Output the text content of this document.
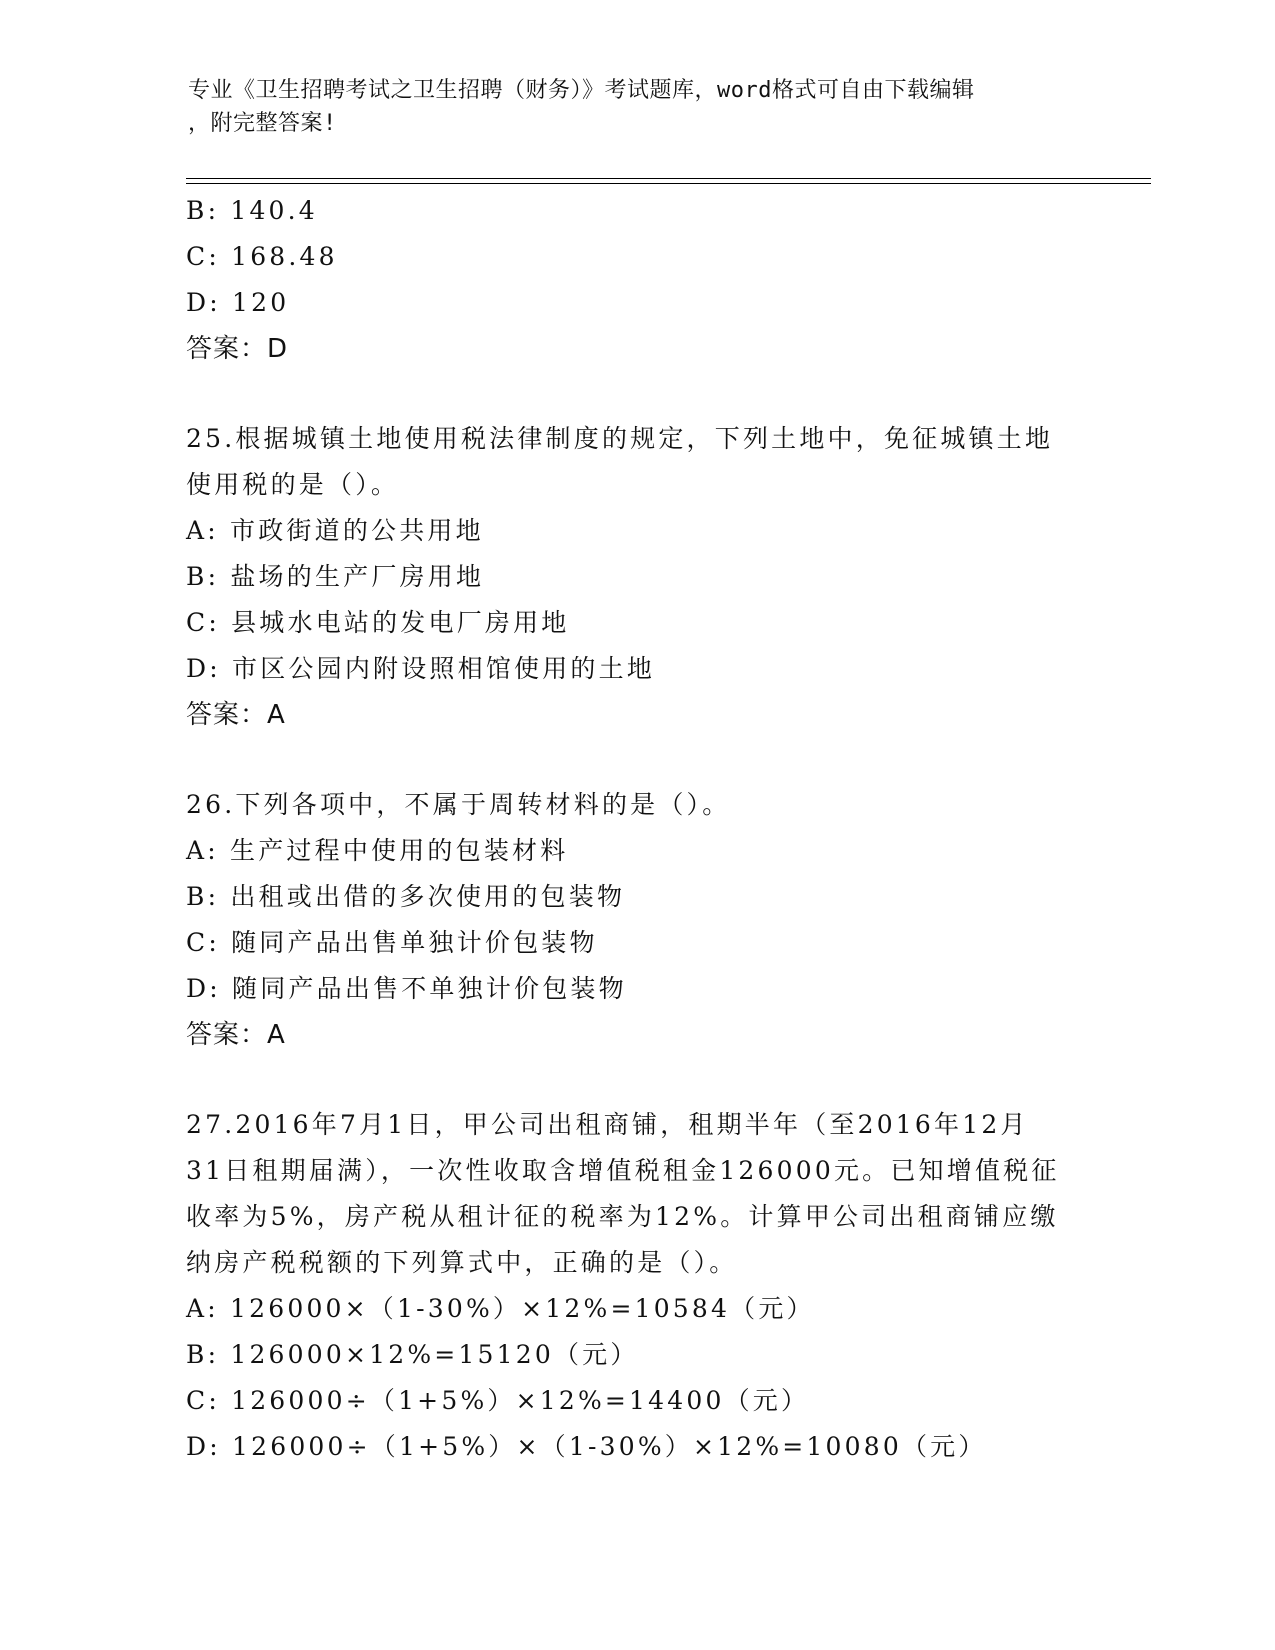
专业《卫生招聘考试之卫生招聘（财务）》考试题库，word格式可自由下载编辑
，附完整答案!
B: 140.4
C: 168.48
D: 120
答案：D
25.根据城镇土地使用税法律制度的规定，下列土地中，免征城镇土地
使用税的是（）。
A: 市政街道的公共用地
B: 盐场的生产厂房用地
C: 县城水电站的发电厂房用地
D: 市区公园内附设照相馆使用的土地
答案：A
26.下列各项中，不属于周转材料的是（）。
A: 生产过程中使用的包装材料
B: 出租或出借的多次使用的包装物
C: 随同产品出售单独计价包装物
D: 随同产品出售不单独计价包装物
答案：A
27.2016年7月1日，甲公司出租商铺，租期半年（至2016年12月
31日租期届满），一次性收取含增值税租金126000元。已知增值税征
收率为5%，房产税从租计征的税率为12%。计算甲公司出租商铺应缴
纳房产税税额的下列算式中，正确的是（）。
A: 126000×（1-30%）×12%=10584（元）
B: 126000×12%=15120（元）
C: 126000÷（1+5%）×12%=14400（元）
D: 126000÷（1+5%）×（1-30%）×12%=10080（元）
